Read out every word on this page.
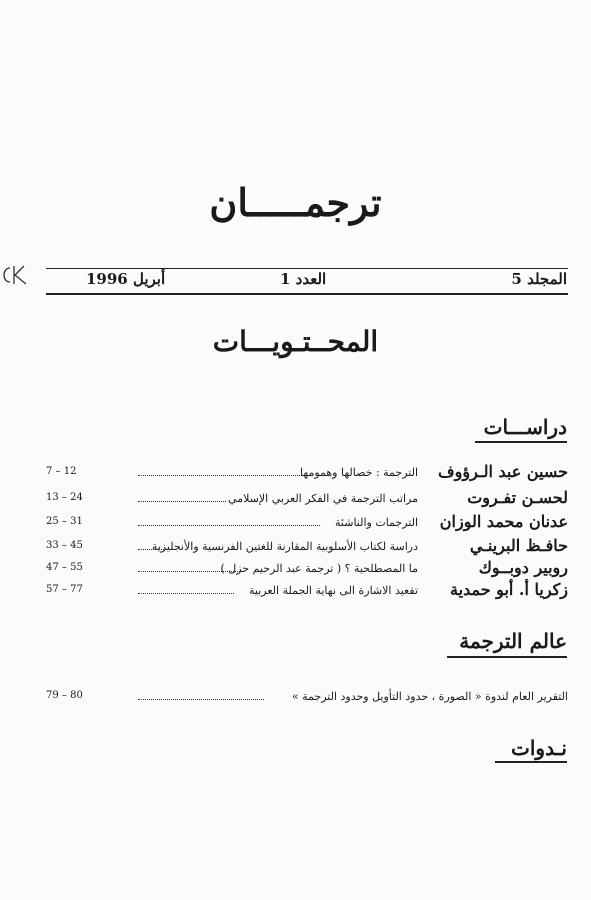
ترجمـــــان
المجلد 5
العدد 1
أبريل 1996
المحــتـويـــات
دراســـات
حسين عبد الـرؤوف
الترجمة : خصالها وهمومها
7 – 12
لحسـن تفـروت
مراتب الترجمة في الفكر العربي الإسلامي
13 – 24
عدنان محمد الوزان
الترجمات والناشئة
25 – 31
حافـظ البرينـي
دراسة لكتاب الأسلوبية المقارنة للغتين الفرنسية والأنجليزية
33 – 45
روبير دوبــوك
ما المصطلحية ؟ ( ترجمة عبد الرحيم حزل )
47 – 55
زكريا أ. أبو حمدية
تقعيد الاشارة الى نهاية الجملة العربية
57 – 77
عالم الترجمة
التقرير العام لندوة « الصورة ، حدود التأويل وحدود الترجمة »
79 – 80
نـدوات
